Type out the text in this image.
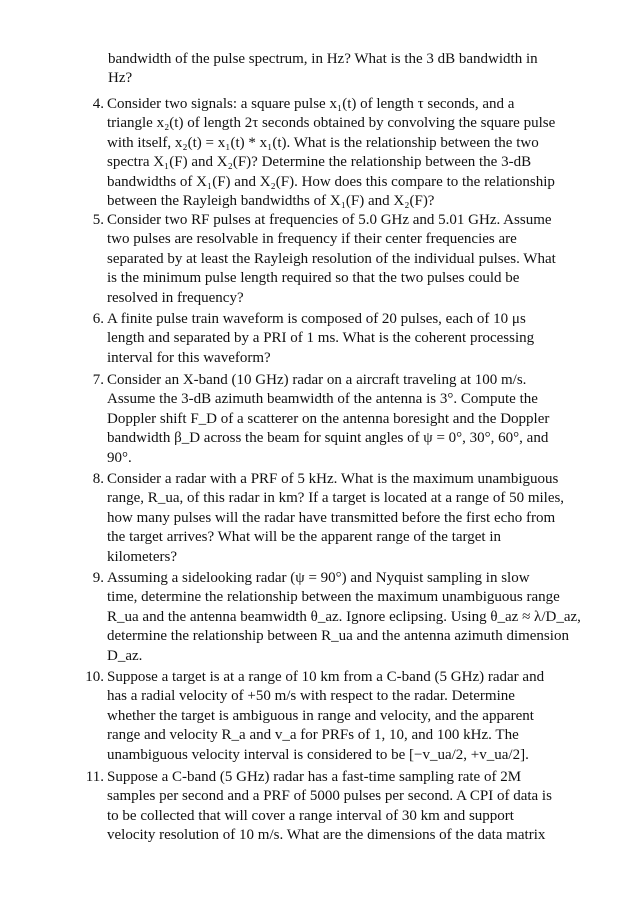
bandwidth of the pulse spectrum, in Hz? What is the 3 dB bandwidth in
Hz?
4. Consider two signals: a square pulse x₁(t) of length τ seconds, and a
triangle x₂(t) of length 2τ seconds obtained by convolving the square pulse
with itself, x₂(t) = x₁(t) * x₁(t). What is the relationship between the two
spectra X₁(F) and X₂(F)? Determine the relationship between the 3-dB
bandwidths of X₁(F) and X₂(F). How does this compare to the relationship
between the Rayleigh bandwidths of X₁(F) and X₂(F)?
5. Consider two RF pulses at frequencies of 5.0 GHz and 5.01 GHz. Assume
two pulses are resolvable in frequency if their center frequencies are
separated by at least the Rayleigh resolution of the individual pulses. What
is the minimum pulse length required so that the two pulses could be
resolved in frequency?
6. A finite pulse train waveform is composed of 20 pulses, each of 10 μs
length and separated by a PRI of 1 ms. What is the coherent processing
interval for this waveform?
7. Consider an X-band (10 GHz) radar on a aircraft traveling at 100 m/s.
Assume the 3-dB azimuth beamwidth of the antenna is 3°. Compute the
Doppler shift F_D of a scatterer on the antenna boresight and the Doppler
bandwidth β_D across the beam for squint angles of ψ = 0°, 30°, 60°, and
90°.
8. Consider a radar with a PRF of 5 kHz. What is the maximum unambiguous
range, R_ua, of this radar in km? If a target is located at a range of 50 miles,
how many pulses will the radar have transmitted before the first echo from
the target arrives? What will be the apparent range of the target in
kilometers?
9. Assuming a sidelooking radar (ψ = 90°) and Nyquist sampling in slow
time, determine the relationship between the maximum unambiguous range
R_ua and the antenna beamwidth θ_az. Ignore eclipsing. Using θ_az ≈ λ/D_az,
determine the relationship between R_ua and the antenna azimuth dimension
D_az.
10. Suppose a target is at a range of 10 km from a C-band (5 GHz) radar and
has a radial velocity of +50 m/s with respect to the radar. Determine
whether the target is ambiguous in range and velocity, and the apparent
range and velocity R_a and v_a for PRFs of 1, 10, and 100 kHz. The
unambiguous velocity interval is considered to be [−v_ua/2, +v_ua/2].
11. Suppose a C-band (5 GHz) radar has a fast-time sampling rate of 2M
samples per second and a PRF of 5000 pulses per second. A CPI of data is
to be collected that will cover a range interval of 30 km and support
velocity resolution of 10 m/s. What are the dimensions of the data matrix
